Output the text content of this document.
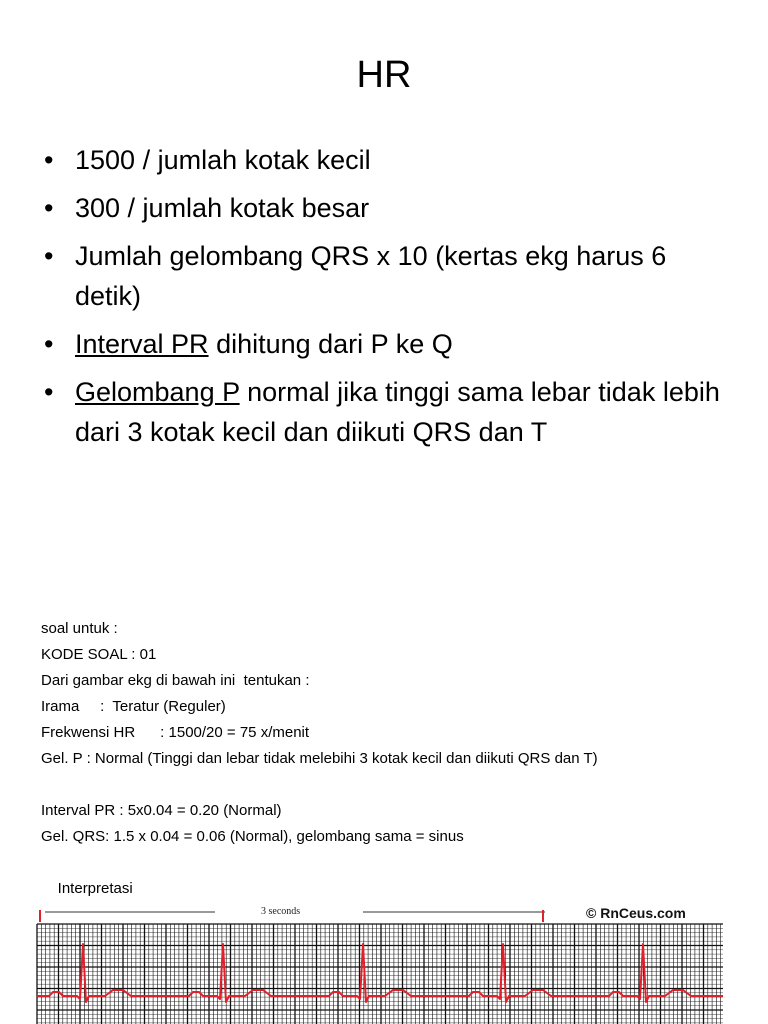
HR
• 1500 / jumlah kotak kecil
• 300 / jumlah kotak besar
• Jumlah gelombang QRS x 10 (kertas ekg harus 6 detik)
• Interval PR dihitung dari P ke Q
• Gelombang P normal jika tinggi sama lebar tidak lebih dari 3 kotak kecil dan diikuti QRS dan T
soal untuk :
KODE SOAL : 01
Dari gambar ekg di bawah ini  tentukan :
Irama     :  Teratur (Reguler)
Frekwensi HR      : 1500/20 = 75 x/menit
Gel. P : Normal (Tinggi dan lebar tidak melebihi 3 kotak kecil dan diikuti QRS dan T)
Interval PR : 5x0.04 = 0.20 (Normal)
Gel. QRS: 1.5 x 0.04 = 0.06 (Normal), gelombang sama = sinus

Interpretasi

3 seconds	© RnCeus.com
